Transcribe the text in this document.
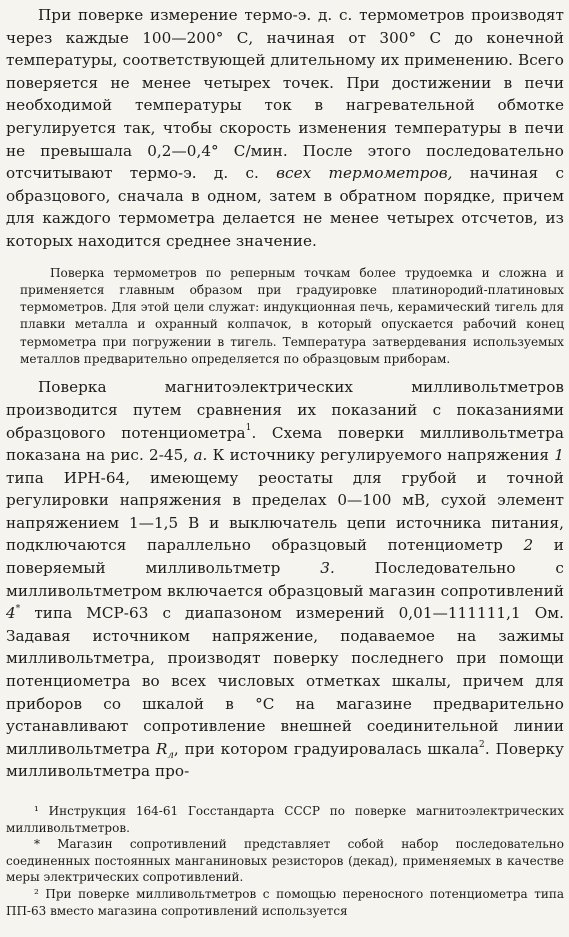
При поверке измерение термо-э. д. с. термометров производят через каждые 100—200° С, начиная от 300° С до конечной температуры, соответствующей длительному их применению. Всего поверяется не менее четырех точек. При достижении в печи необходимой температуры ток в нагревательной обмотке регулируется так, чтобы скорость изменения температуры в печи не превышала 0,2—0,4° С/мин. После этого последовательно отсчитывают термо-э. д. с. всех термометров, начиная с образцового, сначала в одном, затем в обратном порядке, причем для каждого термометра делается не менее четырех отсчетов, из которых находится среднее значение.

Поверка термометров по реперным точкам более трудоемка и сложна и применяется главным образом при градуировке платинородий-платиновых термометров. Для этой цели служат: индукционная печь, керамический тигель для плавки металла и охранный колпачок, в который опускается рабочий конец термометра при погружении в тигель. Температура затвердевания используемых металлов предварительно определяется по образцовым приборам.

Поверка магнитоэлектрических милливольтметров производится путем сравнения их показаний с показаниями образцового потенциометра$^1$. Схема поверки милливольтметра показана на рис. 2-45, а. К источнику регулируемого напряжения 1 типа ИРН-64, имеющему реостаты для грубой и точной регулировки напряжения в пределах 0—100 мВ, сухой элемент напряжением 1—1,5 В и выключатель цепи источника питания, подключаются параллельно образцовый потенциометр 2 и поверяемый милливольтметр 3. Последовательно с милливольтметром включается образцовый магазин сопротивлений 4* типа МСР-63 с диапазоном измерений 0,01—111111,1 Ом. Задавая источником напряжение, подаваемое на зажимы милливольтметра, производят поверку последнего при помощи потенциометра во всех числовых отметках шкалы, причем для приборов со шкалой в °С на магазине предварительно устанавливают сопротивление внешней соединительной линии милливольтметра $R_л$, при котором градуировалась шкала$^2$. Поверку милливольтметра про-

¹ Инструкция 164-61 Госстандарта СССР по поверке магнитоэлектрических милливольтметров.

* Магазин сопротивлений представляет собой набор последовательно соединенных постоянных манганиновых резисторов (декад), применяемых в качестве меры электрических сопротивлений.

² При поверке милливольтметров с помощью переносного потенциометра типа ПП-63 вместо магазина сопротивлений используется
